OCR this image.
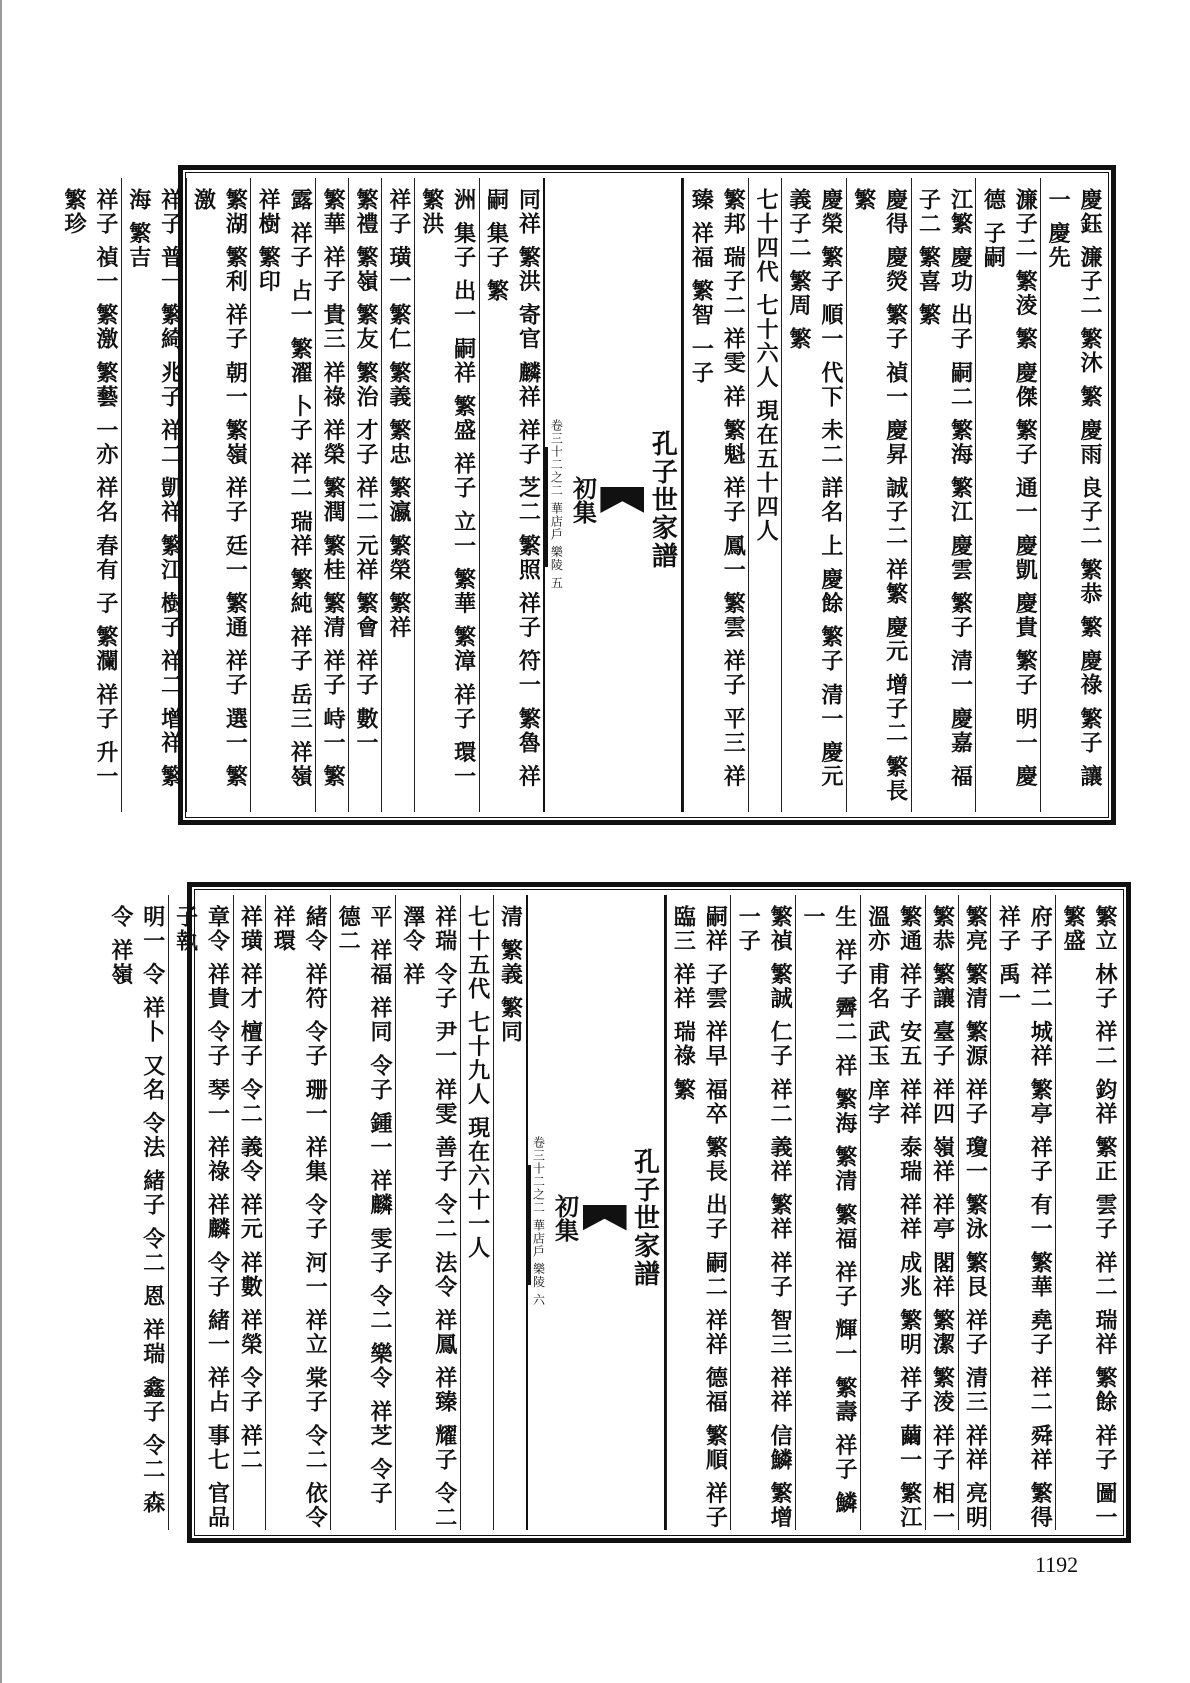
慶鈺 濂子二 繁沐 繁 慶雨 良子二 繁恭 繁 慶祿 繁子 讓一 慶先
濂子二 繁淩 繁 慶傑 繁子 通一 慶凱 慶貴 繁子 明一 慶德 子嗣
江繁 慶功 出子 嗣二 繁海 繁江 慶雲 繁子 清一 慶嘉 福子二 繁喜 繁
慶得 慶熒 繁子 禎一 慶昇 誠子二 祥繁 慶元 增子二 繁長 繁
慶榮 繁子 順一 代下 未二 詳名 上 慶餘 繁子 清一 慶元 義子二 繁周 繁
七十四代 七十六人 現在五十四人
繁邦 瑞子二 祥雯 祥 繁魁 祥子 鳳一 繁雲 祥子 平三 祥臻 祥福 繁智 一子
孔子世家譜
初集
卷三十二之二 華店戶 樂陵 五
同祥 繁洪 寄官 麟祥 祥子 芝二 繁照 祥子 符一 繁魯 祥嗣 集子 繁
洲 集子 出一 嗣祥 繁盛 祥子 立一 繁華 繁漳 祥子 環一 繁洪
祥子 璜一 繁仁 繁義 繁忠 繁瀛 繁榮 繁祥
繁禮 繁嶺 繁友 繁治 才子 祥二 元祥 繁會 祥子 數一
繁華 祥子 貴三 祥祿 祥榮 繁潤 繁桂 繁清 祥子 峙一 繁
露 祥子 占一 繁濯 卜子 祥二 瑞祥 繁純 祥子 岳三 祥嶺 祥樹 繁印
繁湖 繁利 祥子 朝一 繁嶺 祥子 廷一 繁通 祥子 選一 繁激
祥子 普一 繁綺 兆子 祥二 凱祥 繁江 樹子 祥二 增祥 繁海 繁吉
祥子 禎一 繁激 繁藝 一亦 祥名 春有 子 繁瀾 祥子 升一 繁珍
繁立 林子 祥二 鈞祥 繁正 雲子 祥二 瑞祥 繁餘 祥子 圖一 繁盛
府子 祥二 城祥 繁亭 祥子 有一 繁華 堯子 祥二 舜祥 繁得 祥子 禹一
繁亮 繁清 繁源 祥子 瓊一 繁泳 繁艮 祥子 清三 祥祥 亮明
繁恭 繁讓 臺子 祥四 嶺祥 祥亭 閣祥 繁潔 繁淩 祥子 相一
繁通 祥子 安五 祥祥 泰瑞 祥祥 成兆 繁明 祥子 繭一 繁江 溫亦 甫名 武玉 庠字
生 祥子 霽二 祥 繁海 繁清 繁福 祥子 輝一 繁壽 祥子 鱗一
繁禎 繁誠 仁子 祥二 義祥 繁祥 祥子 智三 祥祥 信鱗 繁增 一子
嗣祥 子雲 祥早 福卒 繁長 出子 嗣二 祥祥 德福 繁順 祥子 臨三 祥祥 瑞祿 繁
孔子世家譜
初集
卷三十二之二 華店戶 樂陵 六
清 繁義 繁同
七十五代 七十九人 現在六十一人
祥瑞 令子 尹一 祥雯 善子 令二 法令 祥鳳 祥臻 耀子 令二 澤令 祥
平 祥福 祥同 令子 鍾一 祥麟 雯子 令二 樂令 祥芝 令子 德二
緒令 祥符 令子 珊一 祥集 令子 河一 祥立 棠子 令二 依令 祥環
祥璜 祥才 檀子 令二 義令 祥元 祥數 祥榮 令子 祥二
章令 祥貴 令子 琴一 祥祿 祥麟 令子 緒一 祥占 事七 官品 子執
明一 令 祥卜 又名 令法 緒子 令二 恩 祥瑞 鑫子 令二 森令 祥嶺
1192
